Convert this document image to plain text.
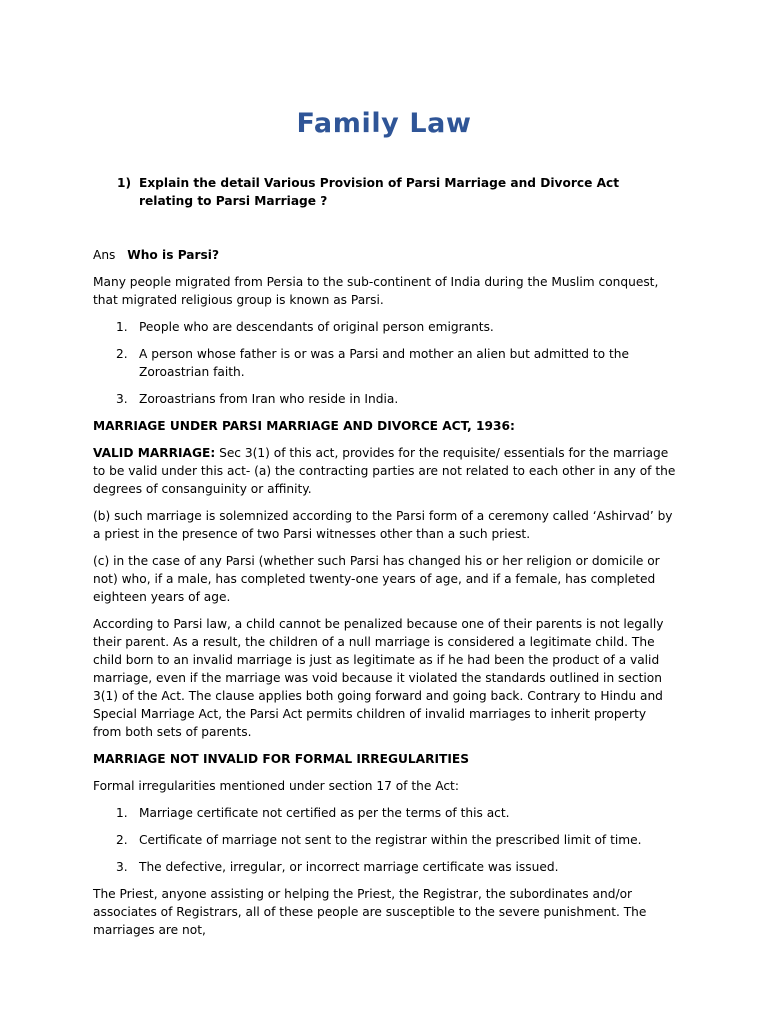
Family Law
1) Explain the detail Various Provision of Parsi Marriage and Divorce Act relating to Parsi Marriage ?
Ans Who is Parsi?

Many people migrated from Persia to the sub-continent of India during the Muslim conquest, that migrated religious group is known as Parsi.

1. People who are descendants of original person emigrants.
2. A person whose father is or was a Parsi and mother an alien but admitted to the Zoroastrian faith.
3. Zoroastrians from Iran who reside in India.

MARRIAGE UNDER PARSI MARRIAGE AND DIVORCE ACT, 1936:

VALID MARRIAGE: Sec 3(1) of this act, provides for the requisite/ essentials for the marriage to be valid under this act- (a) the contracting parties are not related to each other in any of the degrees of consanguinity or affinity.

(b) such marriage is solemnized according to the Parsi form of a ceremony called ‘Ashirvad’ by a priest in the presence of two Parsi witnesses other than a such priest.

(c) in the case of any Parsi (whether such Parsi has changed his or her religion or domicile or not) who, if a male, has completed twenty-one years of age, and if a female, has completed eighteen years of age.

According to Parsi law, a child cannot be penalized because one of their parents is not legally their parent. As a result, the children of a null marriage is considered a legitimate child. The child born to an invalid marriage is just as legitimate as if he had been the product of a valid marriage, even if the marriage was void because it violated the standards outlined in section 3(1) of the Act. The clause applies both going forward and going back. Contrary to Hindu and Special Marriage Act, the Parsi Act permits children of invalid marriages to inherit property from both sets of parents.

MARRIAGE NOT INVALID FOR FORMAL IRREGULARITIES

Formal irregularities mentioned under section 17 of the Act:

1. Marriage certificate not certified as per the terms of this act.
2. Certificate of marriage not sent to the registrar within the prescribed limit of time.
3. The defective, irregular, or incorrect marriage certificate was issued.

The Priest, anyone assisting or helping the Priest, the Registrar, the subordinates and/or associates of Registrars, all of these people are susceptible to the severe punishment. The marriages are not,
